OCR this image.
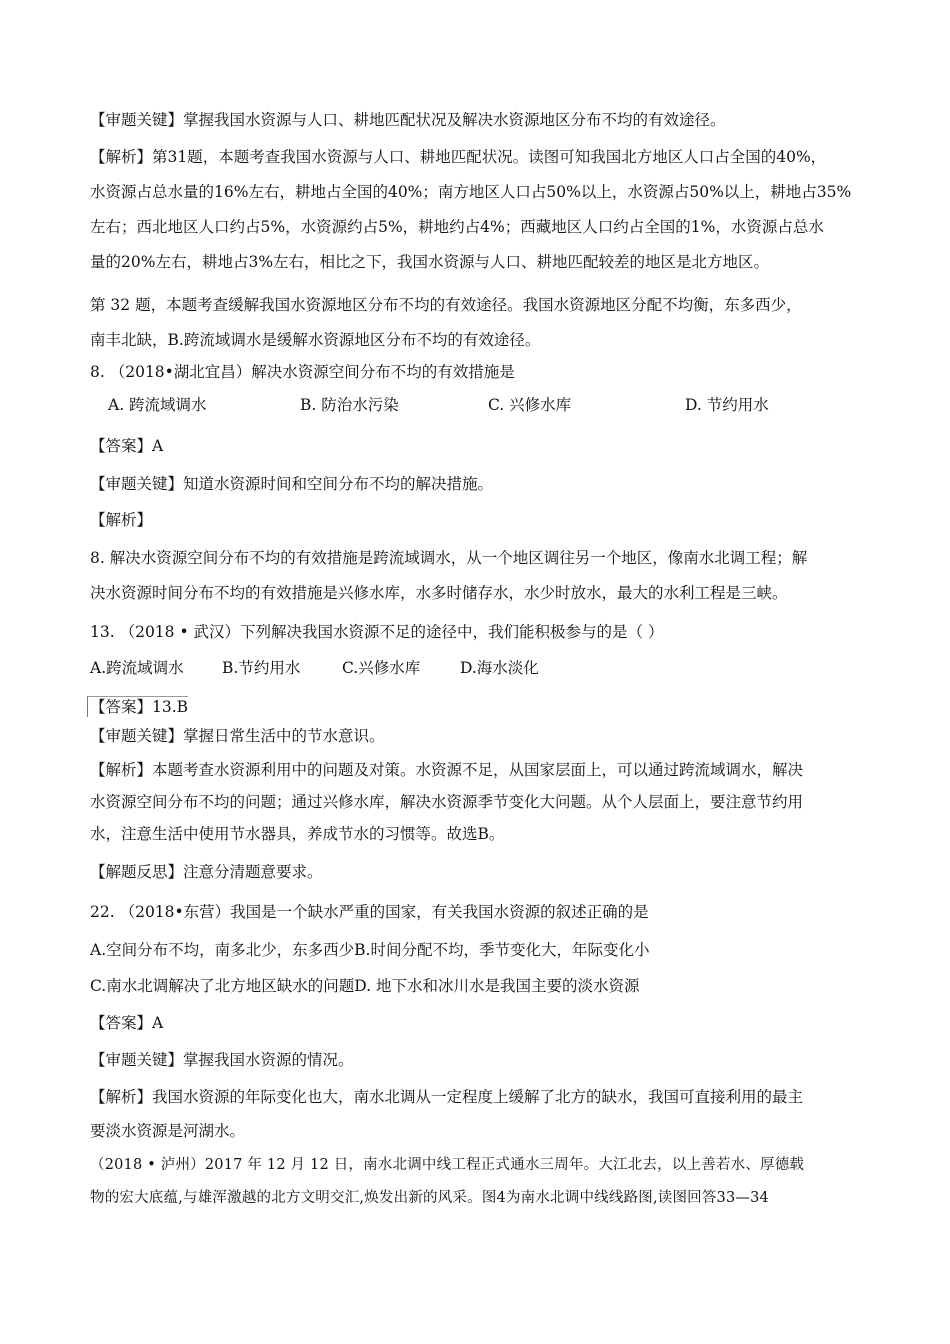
【审题关键】掌握我国水资源与人口、耕地匹配状况及解决水资源地区分布不均的有效途径。
【解析】第31题，本题考查我国水资源与人口、耕地匹配状况。读图可知我国北方地区人口占全国的40%，
水资源占总水量的16%左右，耕地占全国的40%；南方地区人口占50%以上，水资源占50%以上，耕地占35%
左右；西北地区人口约占5%，水资源约占5%，耕地约占4%；西藏地区人口约占全国的1%，水资源占总水
量的20%左右，耕地占3%左右，相比之下，我国水资源与人口、耕地匹配较差的地区是北方地区。
第 32 题，本题考查缓解我国水资源地区分布不均的有效途径。我国水资源地区分配不均衡，东多西少，
南丰北缺，B.跨流域调水是缓解水资源地区分布不均的有效途径。
8. （2018•湖北宜昌）解决水资源空间分布不均的有效措施是
A. 跨流域调水	B. 防治水污染	C. 兴修水库	D. 节约用水
【答案】A
【审题关键】知道水资源时间和空间分布不均的解决措施。
【解析】
8. 解决水资源空间分布不均的有效措施是跨流域调水，从一个地区调往另一个地区，像南水北调工程；解
决水资源时间分布不均的有效措施是兴修水库，水多时储存水，水少时放水，最大的水利工程是三峡。
13. （2018 • 武汉）下列解决我国水资源不足的途径中，我们能积极参与的是（ ）
A.跨流域调水 B.节约用水	C.兴修水库	D.海水淡化
【答案】13.B
【审题关键】掌握日常生活中的节水意识。
【解析】本题考查水资源利用中的问题及对策。水资源不足，从国家层面上，可以通过跨流域调水，解决
水资源空间分布不均的问题；通过兴修水库，解决水资源季节变化大问题。从个人层面上，要注意节约用
水，注意生活中使用节水器具，养成节水的习惯等。故选B。
【解题反思】注意分清题意要求。
22. （2018•东营）我国是一个缺水严重的国家，有关我国水资源的叙述正确的是
A.空间分布不均，南多北少，东多西少B.时间分配不均，季节变化大，年际变化小
C.南水北调解决了北方地区缺水的问题D. 地下水和冰川水是我国主要的淡水资源
【答案】A
【审题关键】掌握我国水资源的情况。
【解析】我国水资源的年际变化也大，南水北调从一定程度上缓解了北方的缺水，我国可直接利用的最主
要淡水资源是河湖水。
（2018 • 泸州）2017 年 12 月 12 日，南水北调中线工程正式通水三周年。大江北去，以上善若水、厚德载
物的宏大底蕴,与雄浑激越的北方文明交汇,焕发出新的风采。图4为南水北调中线线路图,读图回答33—34
